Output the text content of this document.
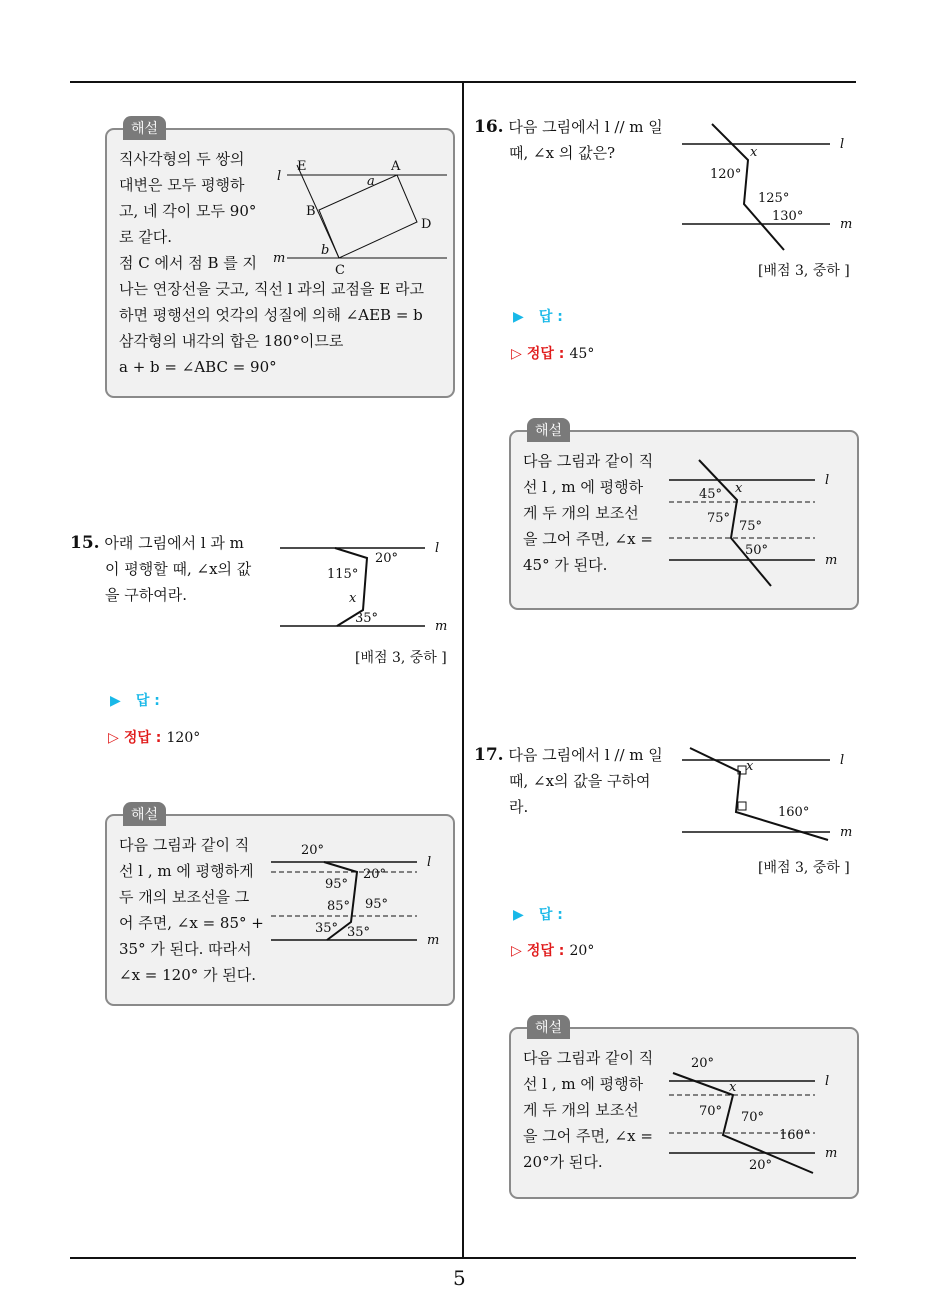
5
해설
직사각형의 두 쌍의
대변은 모두 평행하
고, 네 각이 모두 90°
로 같다.
점 C 에서 점 B 를 지
나는 연장선을 긋고, 직선 l 과의 교점을 E 라고
하면 평행선의 엇각의 성질에 의해 ∠AEB = b
삼각형의 내각의 합은 180°이므로
a + b = ∠ABC = 90°
l
m
E	A
B
D
C
a
b
15. 아래 그림에서 l 과 m
이 평행할 때, ∠x의 값
을 구하여라.
20°
115°
x
35°
l
m
[배점 3, 중하 ]
▶ 답 :
▷ 정답 : 120°
해설
다음 그림과 같이 직
선 l , m 에 평행하게
두 개의 보조선을 그
어 주면, ∠x = 85° +
35° 가 된다. 따라서
∠x = 120° 가 된다.
20°
20°
95°
85° 95°
35° 35°
l
m
16. 다음 그림에서 l // m 일
때, ∠x 의 값은?	x
120°
125°
130°
l
m
[배점 3, 중하 ]
▶ 답 :
▷ 정답 : 45°
해설
다음 그림과 같이 직
선 l , m 에 평행하
게 두 개의 보조선
을 그어 주면, ∠x =
45° 가 된다.
45° x
75°
75°
50°
l
m
17. 다음 그림에서 l // m 일
때, ∠x의 값을 구하여
라.
x
160°
l
m
[배점 3, 중하 ]
▶ 답 :
▷ 정답 : 20°
해설
다음 그림과 같이 직
선 l , m 에 평행하
게 두 개의 보조선
을 그어 주면, ∠x =
20°가 된다.
20°
x
70° 70°
160°
20°
l
m
